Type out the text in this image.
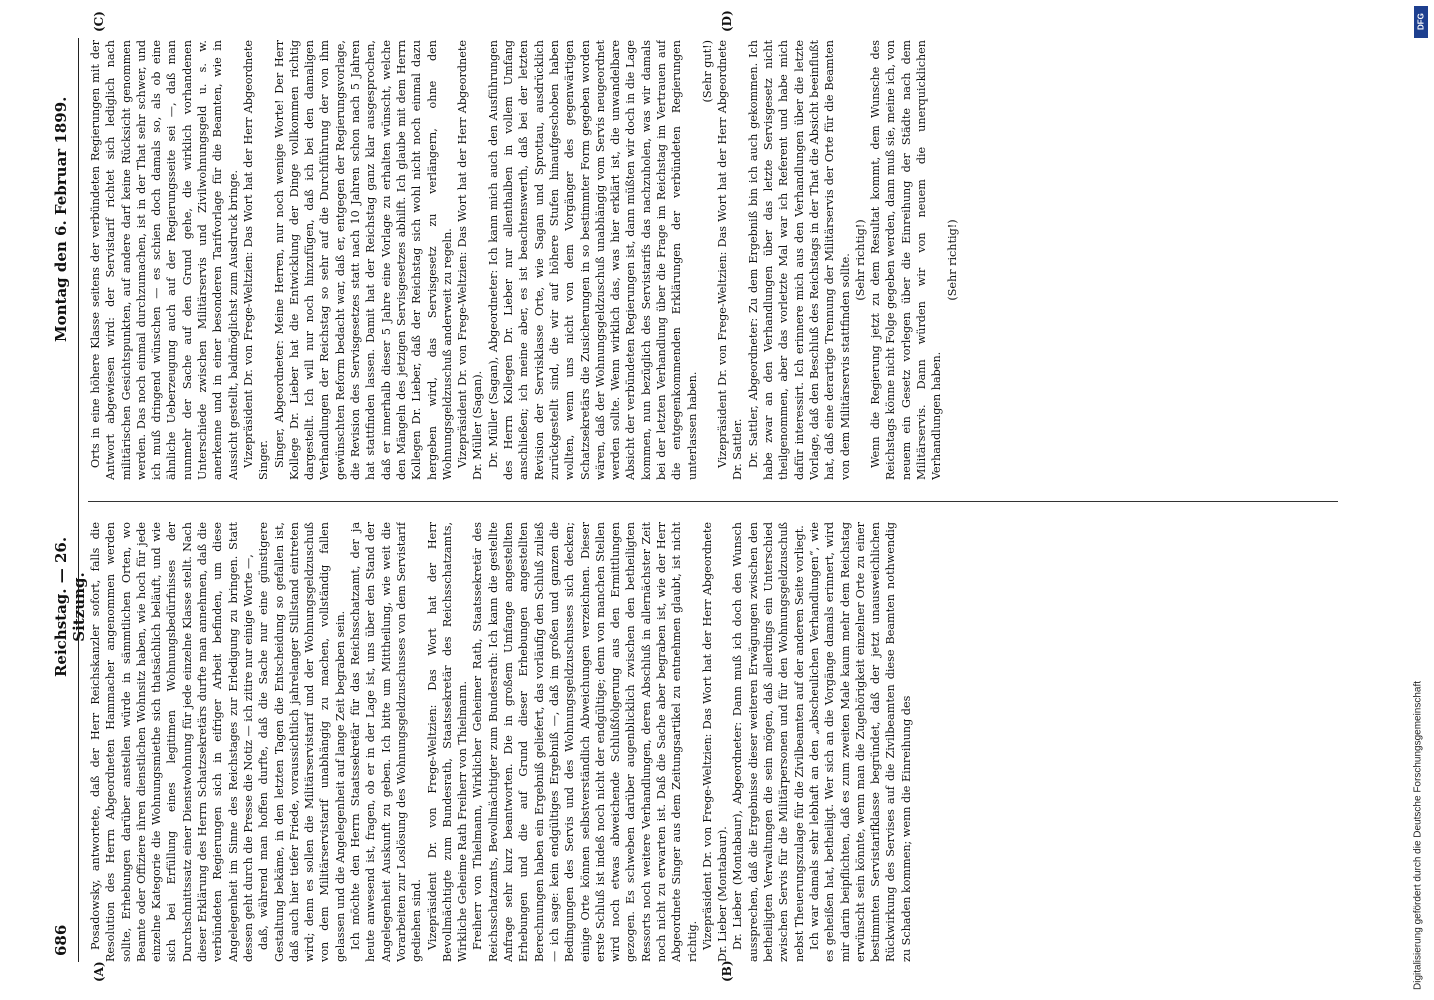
686
Reichstag. — 26. Sitzung.
Montag den 6. Februar 1899.
(A)	(B)
(C)	(D)

Posadowsky, antwortete, daß der Herr Reichskanzler sofort, falls die Resolution des Herrn Abgeordneten Hammacher angenommen werden sollte, Erhebungen darüber anstellen würde in sämmtlichen Orten, wo Beamte oder Offiziere ihren dienstlichen Wohnsitz haben, wie hoch für jede einzelne Kategorie die Wohnungsmiethe sich thatsächlich beläuft, und wie sich bei Erfüllung eines legitimen Wohnungsbedürfnisses der Durchschnittssatz einer Dienstwohnung für jede einzelne Klasse stellt. Nach dieser Erklärung des Herrn Schatzsekretärs durfte man annehmen, daß die verbündeten Regierungen sich in eifriger Arbeit befinden, um diese Angelegenheit im Sinne des Reichstages zur Erledigung zu bringen. Statt dessen geht durch die Presse die Notiz — ich zitire nur einige Worte —, daß, während man hoffen durfte, daß die Sache nur eine günstigere Gestaltung bekäme, in den letzten Tagen die Entscheidung so gefallen ist, daß auch hier tiefer Friede, voraussichtlich jahrelanger Stillstand eintreten wird; denn es sollen die Militärservistarif und der Wohnungsgeldzuschuß von dem Militärservistarif unabhängig zu machen, vollständig fallen gelassen und die Angelegenheit auf lange Zeit begraben sein. Ich möchte den Herrn Staatssekretär für das Reichsschatzamt, der ja heute anwesend ist, fragen, ob er in der Lage ist, uns über den Stand der Angelegenheit Auskunft zu geben. Ich bitte um Mittheilung, wie weit die Vorarbeiten zur Loslösung des Wohnungsgeldzuschusses von dem Servistarif gediehen sind. Vizepräsident Dr. von Frege-Weltzien: Das Wort hat der Herr Bevollmächtigte zum Bundesrath, Staatssekretär des Reichsschatzamts, Wirkliche Geheime Rath Freiherr von Thielmann. Freiherr von Thielmann, Wirklicher Geheimer Rath, Staatssekretär des Reichsschatzamts, Bevollmächtigter zum Bundesrath: Ich kann die gestellte Anfrage sehr kurz beantworten. Die in großem Umfange angestellten Erhebungen und die auf Grund dieser Erhebungen angestellten Berechnungen haben ein Ergebniß geliefert, das vorläufig den Schluß zuließ — ich sage: kein endgültiges Ergebniß —, daß im großen und ganzen die Bedingungen des Servis und des Wohnungsgeldzuschusses sich decken; einige Orte können selbstverständlich Abweichungen verzeichnen. Dieser erste Schluß ist indeß noch nicht der endgültige; denn von manchen Stellen wird noch etwas abweichende Schlußfolgerung aus den Ermittlungen gezogen. Es schweben darüber augenblicklich zwischen den betheiligten Ressorts noch weitere Verhandlungen, deren Abschluß in allernächster Zeit noch nicht zu erwarten ist. Daß die Sache aber begraben ist, wie der Herr Abgeordnete Singer aus dem Zeitungsartikel zu entnehmen glaubt, ist nicht richtig. Vizepräsident Dr. von Frege-Weltzien: Das Wort hat der Herr Abgeordnete Dr. Lieber (Montabaur). Dr. Lieber (Montabaur), Abgeordneter: Dann muß ich doch den Wunsch aussprechen, daß die Ergebnisse dieser weiteren Erwägungen zwischen den betheiligten Verwaltungen die sein mögen, daß allerdings ein Unterschied zwischen Servis für die Militärpersonen und für den Wohnungsgeldzuschuß nebst Theuerungszulage für die Zivilbeamten auf der anderen Seite vorliegt. Ich war damals sehr lebhaft an den „abscheulichen Verhandlungen“, wie es geheißen hat, betheiligt. Wer sich an die Vorgänge damals erinnert, wird mir darin beipflichten, daß es zum zweiten Male kaum mehr dem Reichstag erwünscht sein könnte, wenn man die Zugehörigkeit einzelner Orte zu einer bestimmten Servistarifklasse begründet, daß der jetzt unausweichlichen Rückwirkung des Servises auf die Zivilbeamten diese Beamten nothwendig zu Schaden kommen; wenn die Einreihung des

Orts in eine höhere Klasse seitens der verbündeten Regierungen mit der Antwort abgewiesen wird: der Servistarif richtet sich lediglich nach militärischen Gesichtspunkten, auf andere darf keine Rücksicht genommen werden. Das noch einmal durchzumachen, ist in der That sehr schwer, und ich muß dringend wünschen — es schien doch damals so, als ob eine ähnliche Ueberzeugung auch auf der Regierungsseite sei —, daß man nunmehr der Sache auf den Grund gehe, die wirklich vorhandenen Unterschiede zwischen Militärservis und Zivilwohnungsgeld u. s. w. anerkenne und in einer besonderen Tarifvorlage für die Beamten, wie in Aussicht gestellt, baldmöglichst zum Ausdruck bringe. Vizepräsident Dr. von Frege-Weltzien: Das Wort hat der Herr Abgeordnete Singer. Singer, Abgeordneter: Meine Herren, nur noch wenige Worte! Der Herr Kollege Dr. Lieber hat die Entwicklung der Dinge vollkommen richtig dargestellt. Ich will nur noch hinzufügen, daß ich bei den damaligen Verhandlungen der Reichstag so sehr auf die Durchführung der von ihm gewünschten Reform bedacht war, daß er, entgegen der Regierungsvorlage, die Revision des Servisgesetzes statt nach 10 Jahren schon nach 5 Jahren hat stattfinden lassen. Damit hat der Reichstag ganz klar ausgesprochen, daß er innerhalb dieser 5 Jahre eine Vorlage zu erhalten wünscht, welche den Mängeln des jetzigen Servisgesetzes abhilft. Ich glaube mit dem Herrn Kollegen Dr. Lieber, daß der Reichstag sich wohl nicht noch einmal dazu hergeben wird, das Servisgesetz zu verlängern, ohne den Wohnungsgeldzuschuß anderweit zu regeln. Vizepräsident Dr. von Frege-Weltzien: Das Wort hat der Herr Abgeordnete Dr. Müller (Sagan). Dr. Müller (Sagan), Abgeordneter: Ich kann mich auch den Ausführungen des Herrn Kollegen Dr. Lieber nur allenthalben in vollem Umfang anschließen; ich meine aber, es ist beachtenswerth, daß bei der letzten Revision der Servisklasse Orte, wie Sagan und Sprottau, ausdrücklich zurückgestellt sind, die wir auf höhere Stufen hinaufgeschoben haben wollten, wenn uns nicht von dem Vorgänger des gegenwärtigen Schatzsekretärs die Zusicherungen in so bestimmter Form gegeben worden wären, daß der Wohnungsgeldzuschuß unabhängig vom Servis neugeordnet werden sollte. Wenn wirklich das, was hier erklärt ist, die unwandelbare Absicht der verbündeten Regierungen ist, dann müßten wir doch in die Lage kommen, nun bezüglich des Servistarifs das nachzuholen, was wir damals bei der letzten Verhandlung über die Frage im Reichstag im Vertrauen auf die entgegenkommenden Erklärungen der verbündeten Regierungen unterlassen haben.

(Sehr gut!) Vizepräsident Dr. von Frege-Weltzien: Das Wort hat der Herr Abgeordnete Dr. Sattler. Dr. Sattler, Abgeordneter: Zu dem Ergebniß bin ich auch gekommen. Ich habe zwar an den Verhandlungen über das letzte Servisgesetz nicht theilgenommen, aber das vorletzte Mal war ich Referent und habe mich dafür interessirt. Ich erinnere mich aus den Verhandlungen über die letzte Vorlage, daß den Beschluß des Reichstags in der That die Absicht beeinflußt hat, daß eine derartige Trennung der Militärservis der Orte für die Beamten von dem Militärservis stattfinden sollte. (Sehr richtig!) Wenn die Regierung jetzt zu dem Resultat kommt, dem Wunsche des Reichstags könne nicht Folge gegeben werden, dann muß sie, meine ich, von neuem ein Gesetz vorlegen über die Einreihung der Städte nach dem Militärservis. Dann würden wir von neuem die unerquicklichen Verhandlungen haben.

(Sehr richtig!)

Digitalisierung gefördert durch die Deutsche Forschungsgemeinschaft
DFG
